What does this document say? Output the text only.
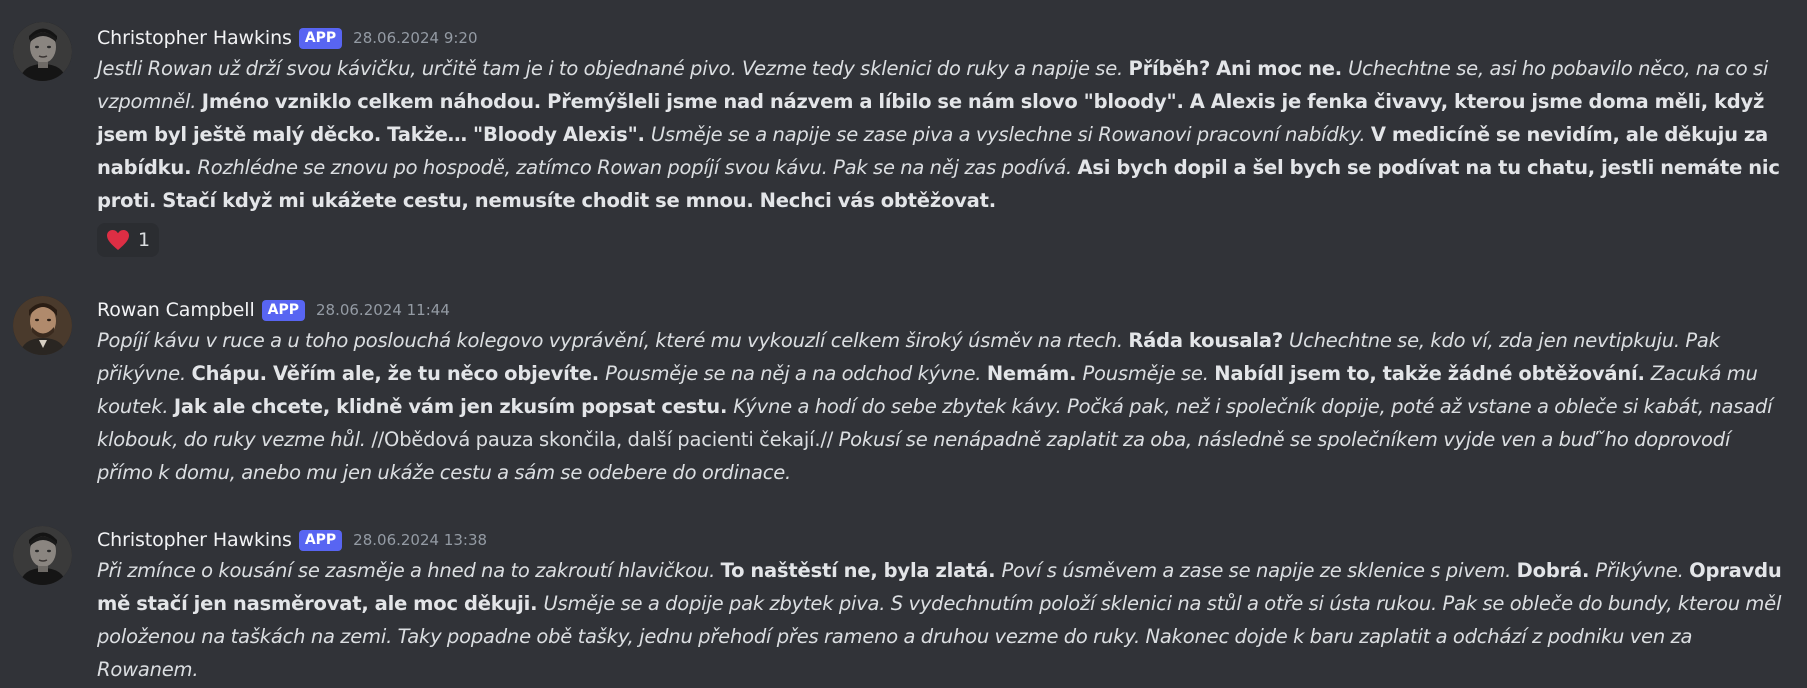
Christopher Hawkins APP	28.06.2024 9:20
Jestli Rowan už drží svou kávičku, určitě tam je i to objednané pivo. Vezme tedy sklenici do ruky a napije se. Příběh? Ani moc ne. Uchechtne se, asi ho pobavilo něco, na co si vzpomněl. Jméno vzniklo celkem náhodou. Přemýšleli jsme nad názvem a líbilo se nám slovo "bloody". A Alexis je fenka čivavy, kterou jsme doma měli, když jsem byl ještě malý děcko. Takže… "Bloody Alexis". Usměje se a napije se zase piva a vyslechne si Rowanovi pracovní nabídky. V medicíně se nevidím, ale děkuju za nabídku. Rozhlédne se znovu po hospodě, zatímco Rowan popíjí svou kávu. Pak se na něj zas podívá. Asi bych dopil a šel bych se podívat na tu chatu, jestli nemáte nic proti. Stačí když mi ukážete cestu, nemusíte chodit se mnou. Nechci vás obtěžovat.
1
Rowan Campbell APP	28.06.2024 11:44
Popíjí kávu v ruce a u toho poslouchá kolegovo vyprávění, které mu vykouzlí celkem široký úsměv na rtech. Ráda kousala? Uchechtne se, kdo ví, zda jen nevtipkuju. Pak přikývne. Chápu. Věřím ale, že tu něco objevíte. Pousměje se na něj a na odchod kývne. Nemám. Pousměje se. Nabídl jsem to, takže žádné obtěžování. Zacuká mu koutek. Jak ale chcete, klidně vám jen zkusím popsat cestu. Kývne a hodí do sebe zbytek kávy. Počká pak, než i společník dopije, poté až vstane a obleče si kabát, nasadí klobouk, do ruky vezme hůl. //Obědová pauza skončila, další pacienti čekají.// Pokusí se nenápadně zaplatit za oba, následně se společníkem vyjde ven a buďˇho doprovodí přímo k domu, anebo mu jen ukáže cestu a sám se odebere do ordinace.
Christopher Hawkins APP	28.06.2024 13:38
Při zmínce o kousání se zasměje a hned na to zakroutí hlavičkou. To naštěstí ne, byla zlatá. Poví s úsměvem a zase se napije ze sklenice s pivem. Dobrá. Přikývne. Opravdu mě stačí jen nasměrovat, ale moc děkuji. Usměje se a dopije pak zbytek piva. S vydechnutím položí sklenici na stůl a otře si ústa rukou. Pak se obleče do bundy, kterou měl položenou na taškách na zemi. Taky popadne obě tašky, jednu přehodí přes rameno a druhou vezme do ruky. Nakonec dojde k baru zaplatit a odchází z podniku ven za Rowanem.
